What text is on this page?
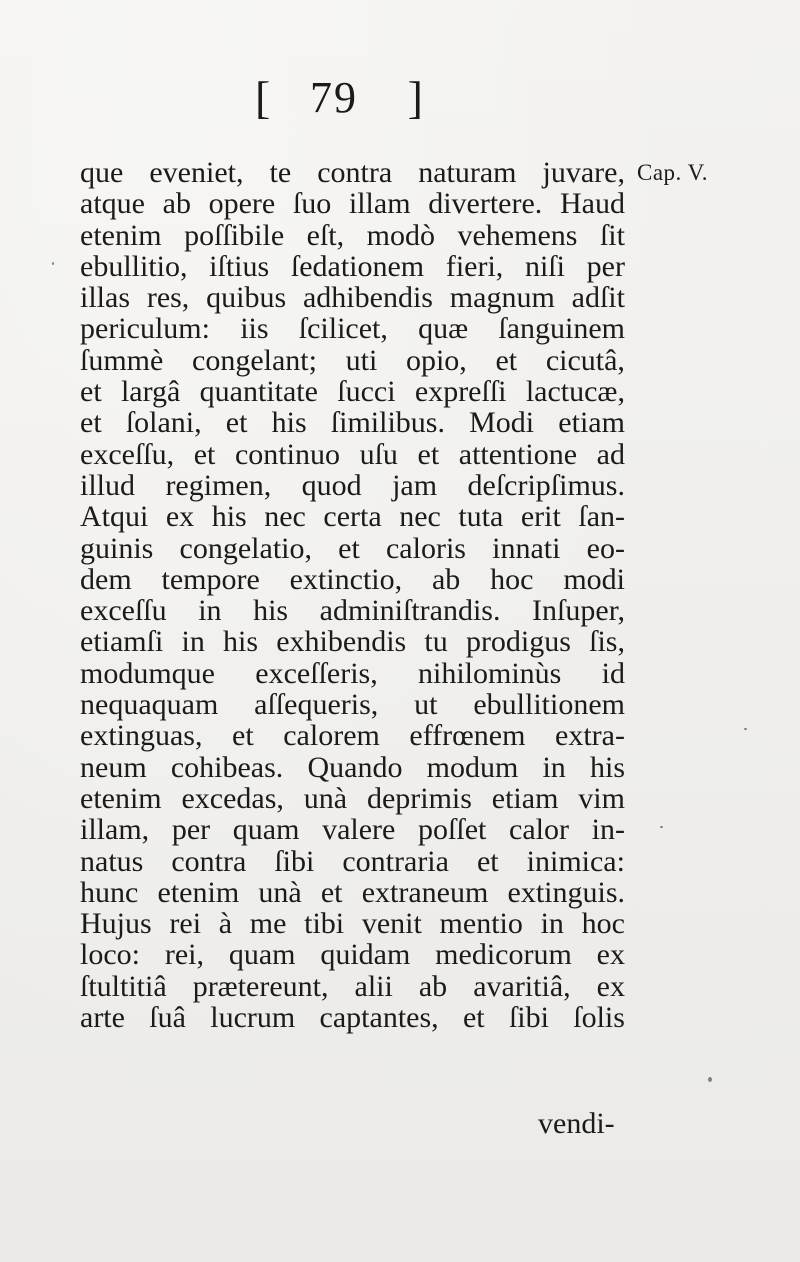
[ 79 ]
Cap. V.
que eveniet, te contra naturam juvare,
atque ab opere ſuo illam divertere. Haud
etenim poſſibile eſt, modò vehemens ſit
ebullitio, iſtius ſedationem fieri, niſi per
illas res, quibus adhibendis magnum adſit
periculum: iis ſcilicet, quæ ſanguinem
ſummè congelant; uti opio, et cicutâ,
et largâ quantitate ſucci expreſſi lactucæ,
et ſolani, et his ſimilibus. Modi etiam
exceſſu, et continuo uſu et attentione ad
illud regimen, quod jam deſcripſimus.
Atqui ex his nec certa nec tuta erit ſan-
guinis congelatio, et caloris innati eo-
dem tempore extinctio, ab hoc modi
exceſſu in his adminiſtrandis. Inſuper,
etiamſi in his exhibendis tu prodigus ſis,
modumque exceſſeris, nihilominùs id
nequaquam aſſequeris, ut ebullitionem
extinguas, et calorem effrœnem extra-
neum cohibeas. Quando modum in his
etenim excedas, unà deprimis etiam vim
illam, per quam valere poſſet calor in-
natus contra ſibi contraria et inimica:
hunc etenim unà et extraneum extinguis.
Hujus rei à me tibi venit mentio in hoc
loco: rei, quam quidam medicorum ex
ſtultitiâ prætereunt, alii ab avaritiâ, ex
arte ſuâ lucrum captantes, et ſibi ſolis
vendi-
